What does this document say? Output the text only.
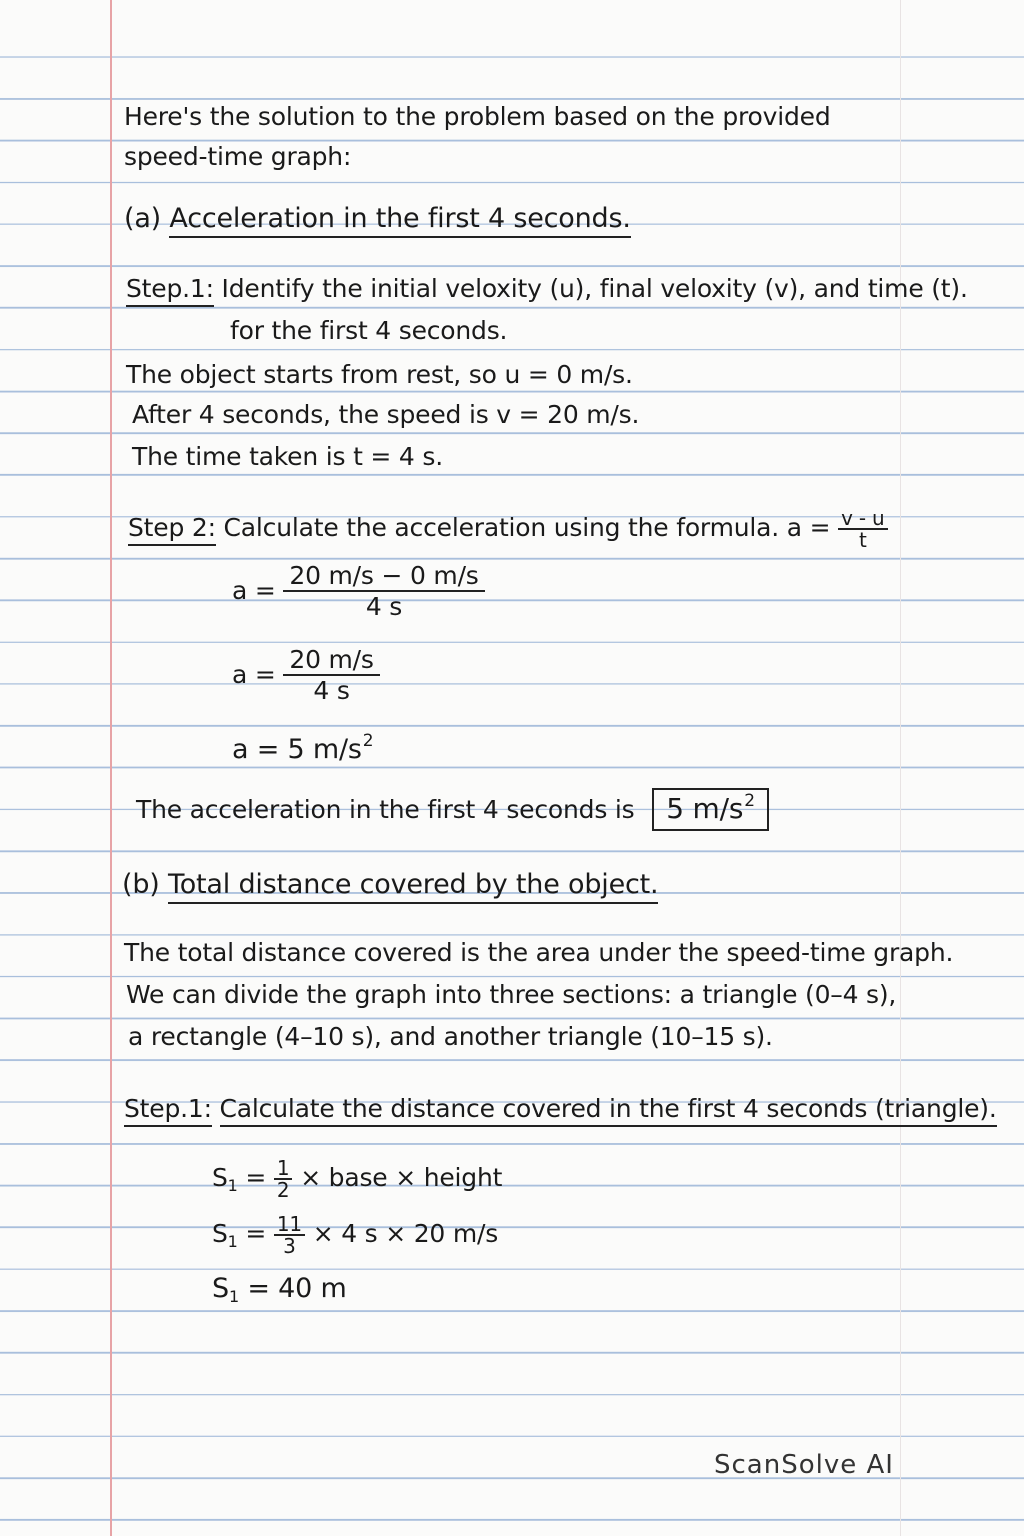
Here's the solution to the problem based on the provided
speed-time graph:
(a) Acceleration in the first 4 seconds.
Step.1: Identify the initial veloxity (u), final veloxity (v), and time (t).
for the first 4 seconds.
The object starts from rest, so u = 0 m/s.
After 4 seconds, the speed is v = 20 m/s.
The time taken is t = 4 s.
Step 2: Calculate the acceleration using the formula. $a = \frac{v - u}{t}$
$a = \frac{20 m/s - 0 m/s}{4 s}$
$a = \frac{20 m/s}{4 s}$
a = 5 $m/s^2$
The acceleration in the first 4 seconds is 5 $m/s^2$
(b) Total distance covered by the object.
The total distance covered is the area under the speed-time graph.
We can divide the graph into three sections: a triangle (0–4 s),
a rectangle (4–10 s), and another triangle (10–15 s).
Step.1: Calculate the distance covered in the first 4 seconds (triangle).
$S_1 = \frac{1}{2}$ × base × height
$S_1 = \frac{11}{3} \times 4$ s × 20 m/s
$S_1 = 40$ m
ScanSolve AI
